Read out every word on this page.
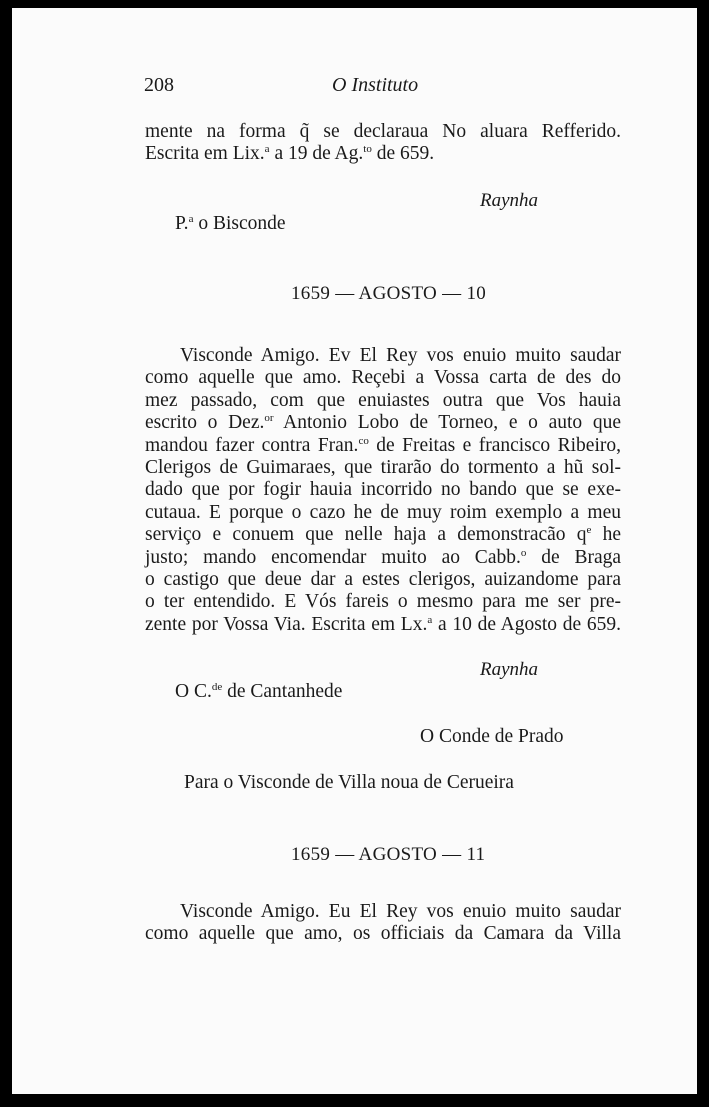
208	O Instituto
mente na forma q̃ se declaraua No aluara Refferido.
Escrita em Lix.$^a$ a 19 de Ag.$^{to}$ de 659.
Raynha
P.$^a$ o Bisconde
1659 — AGOSTO — 10
Visconde Amigo. Ev El Rey vos enuio muito saudar
como aquelle que amo. Reçebi a Vossa carta de des do
mez passado, com que enuiastes outra que Vos hauia
escrito o Dez.$^{or}$ Antonio Lobo de Torneo, e o auto que
mandou fazer contra Fran.$^{co}$ de Freitas e francisco Ribeiro,
Clerigos de Guimaraes, que tirarão do tormento a hũ sol-
dado que por fogir hauia incorrido no bando que se exe-
cutaua. E porque o cazo he de muy roim exemplo a meu
serviço e conuem que nelle haja a demonstracão $q^e$ he
justo; mando encomendar muito ao Cabb.$^o$ de Braga
o castigo que deue dar a estes clerigos, auizandome para
o ter entendido. E Vós fareis o mesmo para me ser pre-
zente por Vossa Via. Escrita em Lx.$^a$ a 10 de Agosto de 659.
Raynha
O C.$^{de}$ de Cantanhede
O Conde de Prado
Para o Visconde de Villa noua de Cerueira
1659 — AGOSTO — 11
Visconde Amigo. Eu El Rey vos enuio muito saudar
como aquelle que amo, os officiais da Camara da Villa
